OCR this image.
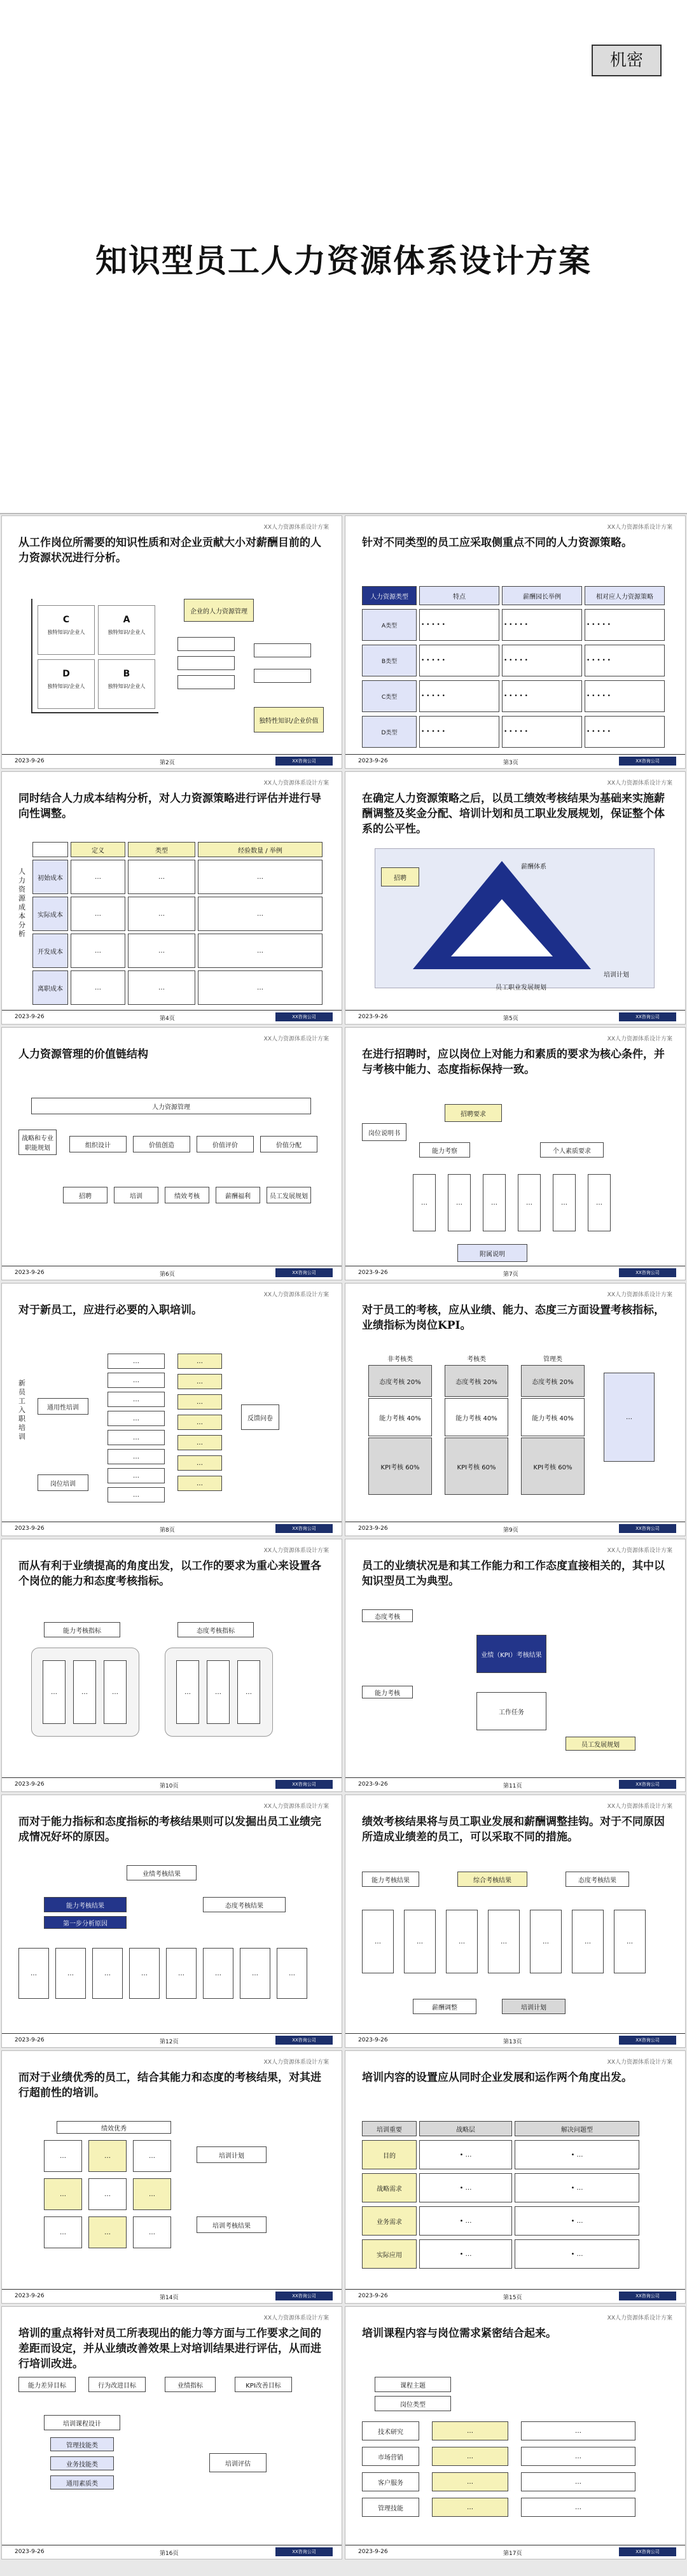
机密
知识型员工人力资源体系设计方案
XX人力资源体系设计方案
从工作岗位所需要的知识性质和对企业贡献大小对薪酬目前的人力资源状况进行分析。
C
独特知识/企业人
A
独特知识/企业人
D
独特知识/企业人
B
独特知识/企业人
企业的人力资源管理
独特性知识/企业价值
2023-9-26	第2页	XX咨询公司
XX人力资源体系设计方案
针对不同类型的员工应采取侧重点不同的人力资源策略。
人力资源类型	特点	薪酬园长举例	相对应人力资源策略
A类型	• • • • •	• • • • •	• • • • •
B类型	• • • • •	• • • • •	• • • • •
C类型	• • • • •	• • • • •	• • • • •
D类型	• • • • •	• • • • •	• • • • •
2023-9-26	第3页	XX咨询公司
XX人力资源体系设计方案
同时结合人力成本结构分析，对人力资源策略进行评估并进行导向性调整。
人力资源成本分析
定义	类型	经验数量 / 举例
初始成本	…	…	…
实际成本	…	…	…
开发成本	…	…	…
离职成本	…	…	…
2023-9-26	第4页	XX咨询公司
XX人力资源体系设计方案
在确定人力资源策略之后，以员工绩效考核结果为基础来实施薪酬调整及奖金分配、培训计划和员工职业发展规划，保证整个体系的公平性。
招聘
薪酬体系
绩效考核
员工职业发展规划
培训计划
2023-9-26	第5页	XX咨询公司
XX人力资源体系设计方案
人力资源管理的价值链结构
人力资源管理
战略和专业职能规划	组织设计	价值创造	价值评价	价值分配
招聘	培训	绩效考核	薪酬福利	员工发展规划
2023-9-26	第6页	XX咨询公司
XX人力资源体系设计方案
在进行招聘时，应以岗位上对能力和素质的要求为核心条件，并与考核中能力、态度指标保持一致。
岗位说明书
招聘要求
能力考察	个人素质要求
…	…	…	…	…	…
附属说明
2023-9-26	第7页	XX咨询公司
XX人力资源体系设计方案
对于新员工，应进行必要的入职培训。
新员工入职培训
通用性培训
岗位培训
…
…
…
…
…
…
…
…
…
…
…
…
…
…
…
反馈问卷
2023-9-26	第8页	XX咨询公司
XX人力资源体系设计方案
对于员工的考核，应从业绩、能力、态度三方面设置考核指标，业绩指标为岗位KPI。
非考核类
态度考核 20%
能力考核 40%
KPI考核 60%
考核类
态度考核 20%
能力考核 40%
KPI考核 60%
管理类
态度考核 20%
能力考核 40%
KPI考核 60%
…
2023-9-26	第9页	XX咨询公司
XX人力资源体系设计方案
而从有利于业绩提高的角度出发，以工作的要求为重心来设置各个岗位的能力和态度考核指标。
能力考核指标	态度考核指标
…	…	…	…	…	…
2023-9-26	第10页	XX咨询公司
XX人力资源体系设计方案
员工的业绩状况是和其工作能力和工作态度直接相关的，其中以知识型员工为典型。
态度考核
业绩（KPI）考核结果
能力考核
工作任务
员工发展规划
2023-9-26	第11页	XX咨询公司
XX人力资源体系设计方案
而对于能力指标和态度指标的考核结果则可以发掘出员工业绩完成情况好坏的原因。
业绩考核结果
能力考核结果	态度考核结果
第一步分析原因
…	…	…	…	…	…	…	…
2023-9-26	第12页	XX咨询公司
XX人力资源体系设计方案
绩效考核结果将与员工职业发展和薪酬调整挂钩。对于不同原因所造成业绩差的员工，可以采取不同的措施。
能力考核结果	综合考核结果	态度考核结果
…	…	…	…	…	…	…
薪酬调整	培训计划
2023-9-26	第13页	XX咨询公司
XX人力资源体系设计方案
而对于业绩优秀的员工，结合其能力和态度的考核结果，对其进行超前性的培训。
绩效优秀
…	…	…
…	…	…
…	…	…
培训计划
培训考核结果
2023-9-26	第14页	XX咨询公司
XX人力资源体系设计方案
培训内容的设置应从同时企业发展和运作两个角度出发。
培训重要	战略层	解决问题型
目的	• …	• …
战略需求	• …	• …
业务需求	• …	• …
实际应用	• …	• …
2023-9-26	第15页	XX咨询公司
XX人力资源体系设计方案
培训的重点将针对员工所表现出的能力等方面与工作要求之间的差距而设定，并从业绩改善效果上对培训结果进行评估，从而进行培训改进。
能力差异目标	行为改进目标	业绩指标	KPI改善目标
培训课程设计
管理技能类
业务技能类
通用素质类
培训评估
2023-9-26	第16页	XX咨询公司
XX人力资源体系设计方案
培训课程内容与岗位需求紧密结合起来。
课程主题
岗位类型
技术研究	…	…
市场营销	…	…
客户服务	…	…
管理技能	…	…
2023-9-26	第17页	XX咨询公司
